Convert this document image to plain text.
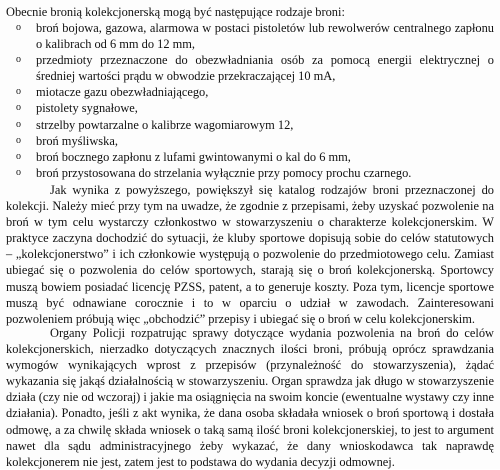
Obecnie bronią kolekcjonerską mogą być następujące rodzaje broni:
o	broń bojowa, gazowa, alarmowa w postaci pistoletów lub rewolwerów centralnego zapłonu o kalibrach od 6 mm do 12 mm,
o	przedmioty przeznaczone do obezwładniania osób za pomocą energii elektrycznej o średniej wartości prądu w obwodzie przekraczającej 10 mA,
o	miotacze gazu obezwładniającego,
o	pistolety sygnałowe,
o	strzelby powtarzalne o kalibrze wagomiarowym 12,
o	broń myśliwska,
o	broń bocznego zapłonu z lufami gwintowanymi o kal do 6 mm,
o	broń przystosowana do strzelania wyłącznie przy pomocy prochu czarnego.

Jak wynika z powyższego, powiększył się katalog rodzajów broni przeznaczonej do kolekcji. Należy mieć przy tym na uwadze, że zgodnie z przepisami, żeby uzyskać pozwolenie na broń w tym celu wystarczy członkostwo w stowarzyszeniu o charakterze kolekcjonerskim. W praktyce zaczyna dochodzić do sytuacji, że kluby sportowe dopisują sobie do celów statutowych – „kolekcjonerstwo” i ich członkowie występują o pozwolenie do przedmiotowego celu. Zamiast ubiegać się o pozwolenia do celów sportowych, starają się o broń kolekcjonerską. Sportowcy muszą bowiem posiadać licencję PZSS, patent, a to generuje koszty. Poza tym, licencje sportowe muszą być odnawiane corocznie i to w oparciu o udział w zawodach. Zainteresowani pozwoleniem próbują więc „obchodzić” przepisy i ubiegać się o broń w celu kolekcjonerskim.

Organy Policji rozpatrując sprawy dotyczące wydania pozwolenia na broń do celów kolekcjonerskich, nierzadko dotyczących znacznych ilości broni, próbują oprócz sprawdzania wymogów wynikających wprost z przepisów (przynależność do stowarzyszenia), żądać wykazania się jakąś działalnością w stowarzyszeniu. Organ sprawdza jak długo w stowarzyszenie działa (czy nie od wczoraj) i jakie ma osiągnięcia na swoim koncie (ewentualne wystawy czy inne działania). Ponadto, jeśli z akt wynika, że dana osoba składała wniosek o broń sportową i dostała odmowę, a za chwilę składa wniosek o taką samą ilość broni kolekcjonerskiej, to jest to argument nawet dla sądu administracyjnego żeby wykazać, że dany wnioskodawca tak naprawdę kolekcjonerem nie jest, zatem jest to podstawa do wydania decyzji odmownej.
